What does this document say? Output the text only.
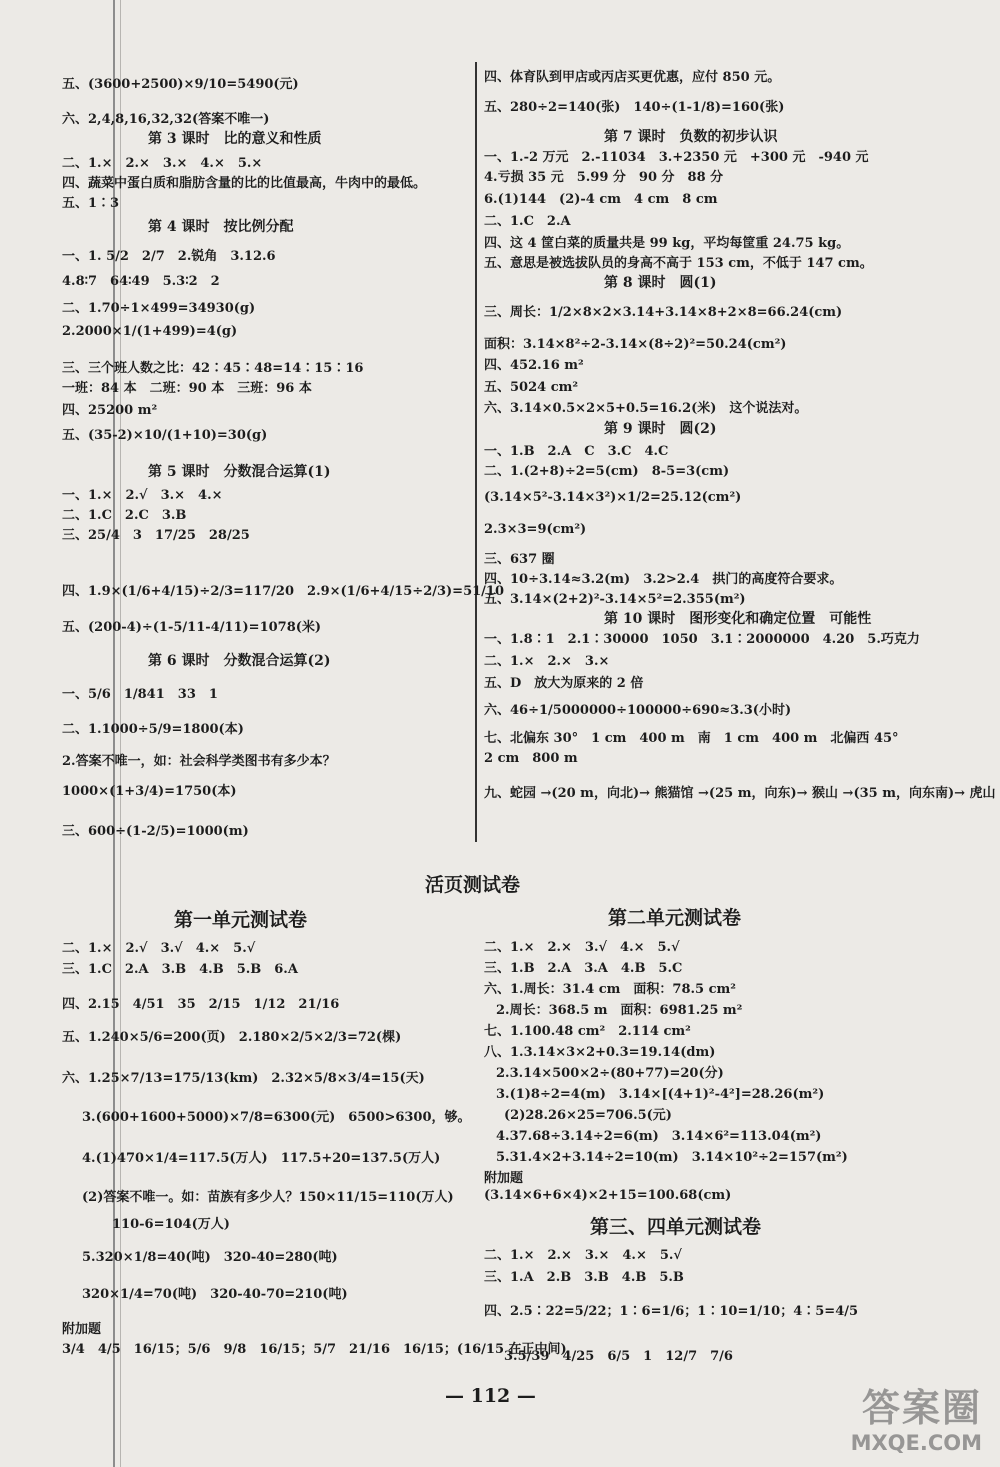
五、(3600+2500)×9/10=5490(元)
六、2,4,8,16,32,32(答案不唯一)
第 3 课时　比的意义和性质
二、1.×　2.×　3.×　4.×　5.×
四、蔬菜中蛋白质和脂肪含量的比的比值最高，牛肉中的最低。
五、1∶3
第 4 课时　按比例分配
一、1. 5/2　2/7　2.锐角　3.12.6
4.8∶7　64∶49　5.3∶2　2
二、1.70÷1×499=34930(g)
2.2000×1/(1+499)=4(g)
三、三个班人数之比：42∶45∶48=14∶15∶16
一班：84 本　二班：90 本　三班：96 本
四、25200 m²
五、(35-2)×10/(1+10)=30(g)
第 5 课时　分数混合运算(1)
一、1.×　2.√　3.×　4.×
二、1.C　2.C　3.B
三、25/4　3　17/25　28/25
四、1.9×(1/6+4/15)÷2/3=117/20　2.9×(1/6+4/15÷2/3)=51/10
五、(200-4)÷(1-5/11-4/11)=1078(米)
第 6 课时　分数混合运算(2)
一、5/6　1/841　33　1
二、1.1000÷5/9=1800(本)
2.答案不唯一，如：社会科学类图书有多少本？
1000×(1+3/4)=1750(本)
三、600÷(1-2/5)=1000(m)
四、体育队到甲店或丙店买更优惠，应付 850 元。
五、280÷2=140(张)　140÷(1-1/8)=160(张)
第 7 课时　负数的初步认识
一、1.-2 万元　2.-11034　3.+2350 元　+300 元　-940 元
4.亏损 35 元　5.99 分　90 分　88 分
6.(1)144　(2)-4 cm　4 cm　8 cm
二、1.C　2.A
四、这 4 筐白菜的质量共是 99 kg，平均每筐重 24.75 kg。
五、意思是被选拔队员的身高不高于 153 cm，不低于 147 cm。
第 8 课时　圆(1)
三、周长：1/2×8×2×3.14+3.14×8+2×8=66.24(cm)
面积：3.14×8²÷2-3.14×(8÷2)²=50.24(cm²)
四、452.16 m²
五、5024 cm²
六、3.14×0.5×2×5+0.5=16.2(米)　这个说法对。
第 9 课时　圆(2)
一、1.B　2.A　C　3.C　4.C
二、1.(2+8)÷2=5(cm)　8-5=3(cm)
(3.14×5²-3.14×3²)×1/2=25.12(cm²)
2.3×3=9(cm²)
三、637 圈
四、10÷3.14≈3.2(m)　3.2>2.4　拱门的高度符合要求。
五、3.14×(2+2)²-3.14×5²=2.355(m²)
第 10 课时　图形变化和确定位置　可能性
一、1.8∶1　2.1∶30000　1050　3.1∶2000000　4.20　5.巧克力
二、1.×　2.×　3.×
五、D　放大为原来的 2 倍
六、46÷1/5000000÷100000÷690≈3.3(小时)
七、北偏东 30°　1 cm　400 m　南　1 cm　400 m　北偏西 45°
2 cm　800 m
九、蛇园 →(20 m，向北)→ 熊猫馆 →(25 m，向东)→ 猴山 →(35 m，向东南)→ 虎山
活页测试卷
第一单元测试卷
二、1.×　2.√　3.√　4.×　5.√
三、1.C　2.A　3.B　4.B　5.B　6.A
四、2.15　4/51　35　2/15　1/12　21/16
五、1.240×5/6=200(页)　2.180×2/5×2/3=72(棵)
六、1.25×7/13=175/13(km)　2.32×5/8×3/4=15(天)
3.(600+1600+5000)×7/8=6300(元)　6500>6300，够。
4.(1)470×1/4=117.5(万人)　117.5+20=137.5(万人)
(2)答案不唯一。如：苗族有多少人？150×11/15=110(万人)
110-6=104(万人)
5.320×1/8=40(吨)　320-40=280(吨)
320×1/4=70(吨)　320-40-70=210(吨)
附加题
3/4　4/5　16/15；5/6　9/8　16/15；5/7　21/16　16/15；(16/15 在正中间)
第二单元测试卷
二、1.×　2.×　3.√　4.×　5.√
三、1.B　2.A　3.A　4.B　5.C
六、1.周长：31.4 cm　面积：78.5 cm²
2.周长：368.5 m　面积：6981.25 m²
七、1.100.48 cm²　2.114 cm²
八、1.3.14×3×2+0.3=19.14(dm)
2.3.14×500×2÷(80+77)=20(分)
3.(1)8÷2=4(m)　3.14×[(4+1)²-4²]=28.26(m²)
(2)28.26×25=706.5(元)
4.37.68÷3.14÷2=6(m)　3.14×6²=113.04(m²)
5.31.4×2+3.14÷2=10(m)　3.14×10²÷2=157(m²)
附加题
(3.14×6+6×4)×2+15=100.68(cm)
第三、四单元测试卷
二、1.×　2.×　3.×　4.×　5.√
三、1.A　2.B　3.B　4.B　5.B
四、2.5∶22=5/22；1∶6=1/6；1∶10=1/10；4∶5=4/5
3.5/39　4/25　6/5　1　12/7　7/6
— 112 —	答案圈
MXQE.COM
